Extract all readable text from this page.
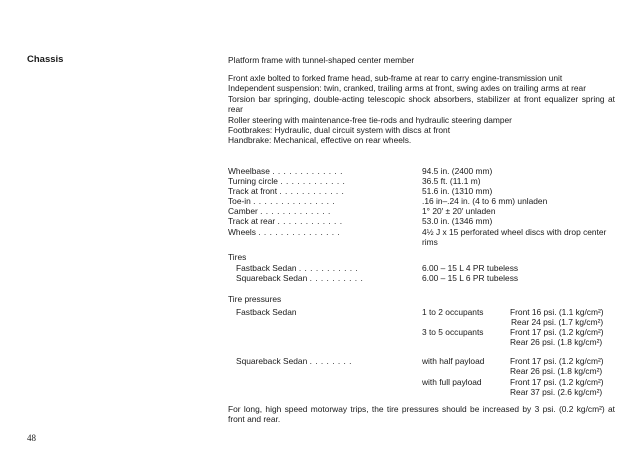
Chassis	Platform frame with tunnel-shaped center member
Front axle bolted to forked frame head, sub-frame at rear to carry engine-transmission unit
Independent suspension: twin, cranked, trailing arms at front, swing axles on trailing arms at rear
Torsion bar springing, double-acting telescopic shock absorbers, stabilizer at front equalizer spring at rear
Roller steering with maintenance-free tie-rods and hydraulic steering damper
Footbrakes: Hydraulic, dual circuit system with discs at front
Handbrake: Mechanical, effective on rear wheels.
Wheelbase . . . . . . . . . . . . .	94.5 in. (2400 mm)
Turning circle . . . . . . . . . . . .	36.5 ft. (11.1 m)
Track at front . . . . . . . . . . . .	51.6 in. (1310 mm)
Toe-in . . . . . . . . . . . . . . .	.16 in–.24 in. (4 to 6 mm) unladen
Camber . . . . . . . . . . . . .	1° 20′ ± 20′ unladen
Track at rear . . . . . . . . . . . .	53.0 in. (1346 mm)
Wheels . . . . . . . . . . . . . . .	4½ J x 15 perforated wheel discs with drop center rims
Tires
Fastback Sedan . . . . . . . . . . .	6.00 – 15 L 4 PR tubeless
Squareback Sedan . . . . . . . . . .	6.00 – 15 L 6 PR tubeless
Tire pressures
Fastback Sedan	1 to 2 occupants	Front 16 psi. (1.1 kg/cm²)
Rear 24 psi. (1.7 kg/cm²)
3 to 5 occupants	Front 17 psi. (1.2 kg/cm²)
Rear 26 psi. (1.8 kg/cm²)
Squareback Sedan . . . . . . . .	with half payload	Front 17 psi. (1.2 kg/cm²)
Rear 26 psi. (1.8 kg/cm²)
with full payload	Front 17 psi. (1.2 kg/cm²)
Rear 37 psi. (2.6 kg/cm²)
For long, high speed motorway trips, the tire pressures should be increased by 3 psi. (0.2 kg/cm²) at front and rear.
48
